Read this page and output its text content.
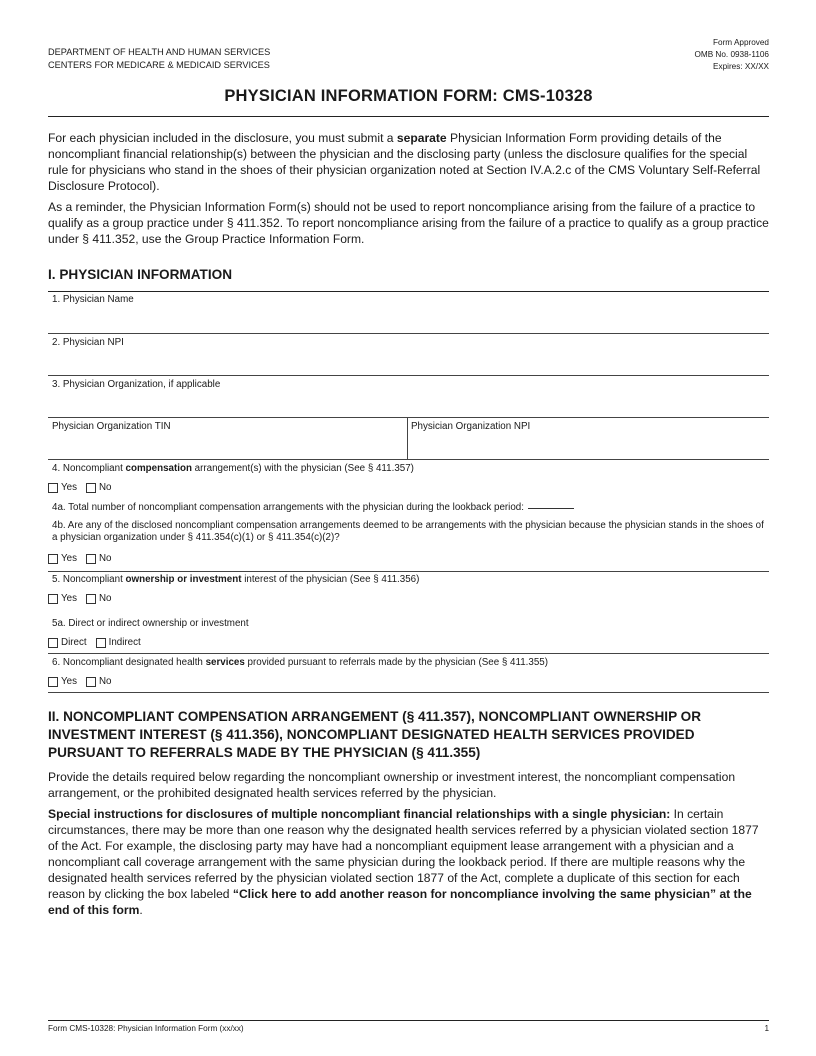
DEPARTMENT OF HEALTH AND HUMAN SERVICES
CENTERS FOR MEDICARE & MEDICAID SERVICES
Form Approved
OMB No. 0938-1106
Expires: XX/XX
PHYSICIAN INFORMATION FORM: CMS-10328

For each physician included in the disclosure, you must submit a separate Physician Information Form providing details of the noncompliant financial relationship(s) between the physician and the disclosing party (unless the disclosure qualifies for the special rule for physicians who stand in the shoes of their physician organization noted at Section IV.A.2.c of the CMS Voluntary Self-Referral Disclosure Protocol).

As a reminder, the Physician Information Form(s) should not be used to report noncompliance arising from the failure of a practice to qualify as a group practice under § 411.352. To report noncompliance arising from the failure of a practice to qualify as a group practice under § 411.352, use the Group Practice Information Form.

I. PHYSICIAN INFORMATION
1. Physician Name
2. Physician NPI
3. Physician Organization, if applicable
Physician Organization TIN	Physician Organization NPI
4. Noncompliant compensation arrangement(s) with the physician (See § 411.357)
Yes No
4a. Total number of noncompliant compensation arrangements with the physician during the lookback period:
4b. Are any of the disclosed noncompliant compensation arrangements deemed to be arrangements with the physician because the physician stands in the shoes of a physician organization under § 411.354(c)(1) or § 411.354(c)(2)?
Yes No
5. Noncompliant ownership or investment interest of the physician (See § 411.356)
Yes No
5a. Direct or indirect ownership or investment
Direct Indirect
6. Noncompliant designated health services provided pursuant to referrals made by the physician (See § 411.355)
Yes No
II. NONCOMPLIANT COMPENSATION ARRANGEMENT (§ 411.357), NONCOMPLIANT OWNERSHIP OR INVESTMENT INTEREST (§ 411.356), NONCOMPLIANT DESIGNATED HEALTH SERVICES PROVIDED PURSUANT TO REFERRALS MADE BY THE PHYSICIAN (§ 411.355)

Provide the details required below regarding the noncompliant ownership or investment interest, the noncompliant compensation arrangement, or the prohibited designated health services referred by the physician.

Special instructions for disclosures of multiple noncompliant financial relationships with a single physician: In certain circumstances, there may be more than one reason why the designated health services referred by a physician violated section 1877 of the Act. For example, the disclosing party may have had a noncompliant equipment lease arrangement with a physician and a noncompliant call coverage arrangement with the same physician during the lookback period. If there are multiple reasons why the designated health services referred by the physician violated section 1877 of the Act, complete a duplicate of this section for each reason by clicking the box labeled “Click here to add another reason for noncompliance involving the same physician” at the end of this form.

Form CMS-10328: Physician Information Form (xx/xx)	1
